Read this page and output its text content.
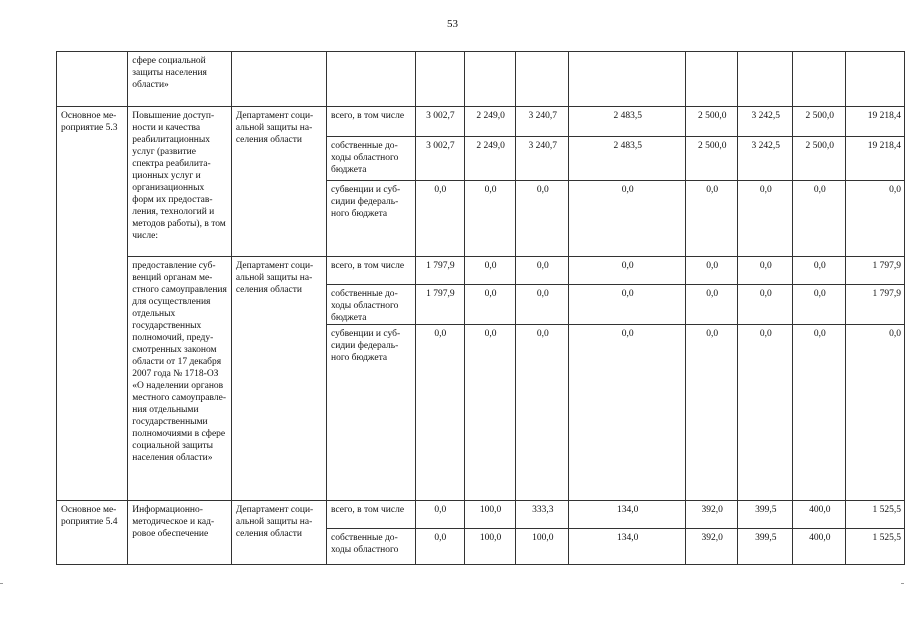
53
	сфере социальной защиты населения области»										
Основное мероприятие 5.3	Повышение доступности и качества реабилитационных услуг (развитие спектра реабилитационных услуг и организационных форм их предоставления, технологий и методов работы), в том числе:	Департамент социальной защиты населения области	всего, в том числе	3 002,7	2 249,0	3 240,7	2 483,5	2 500,0	3 242,5	2 500,0	19 218,4
			собственные доходы областного бюджета	3 002,7	2 249,0	3 240,7	2 483,5	2 500,0	3 242,5	2 500,0	19 218,4
			субвенции и субсидии федерального бюджета	0,0	0,0	0,0	0,0	0,0	0,0	0,0	0,0
	предоставление субвенций органам местного самоуправления для осуществления отдельных государственных полномочий, предусмотренных законом области от 17 декабря 2007 года № 1718-ОЗ «О наделении органов местного самоуправления отдельными государственными полномочиями в сфере социальной защиты населения области»	Департамент социальной защиты населения области	всего, в том числе	1 797,9	0,0	0,0	0,0	0,0	0,0	0,0	1 797,9
			собственные доходы областного бюджета	1 797,9	0,0	0,0	0,0	0,0	0,0	0,0	1 797,9
			субвенции и субсидии федерального бюджета	0,0	0,0	0,0	0,0	0,0	0,0	0,0	0,0
Основное мероприятие 5.4	Информационно-методическое и кадровое обеспечение	Департамент социальной защиты населения области	всего, в том числе	0,0	100,0	333,3	134,0	392,0	399,5	400,0	1 525,5
			собственные доходы областного	0,0	100,0	100,0	134,0	392,0	399,5	400,0	1 525,5
